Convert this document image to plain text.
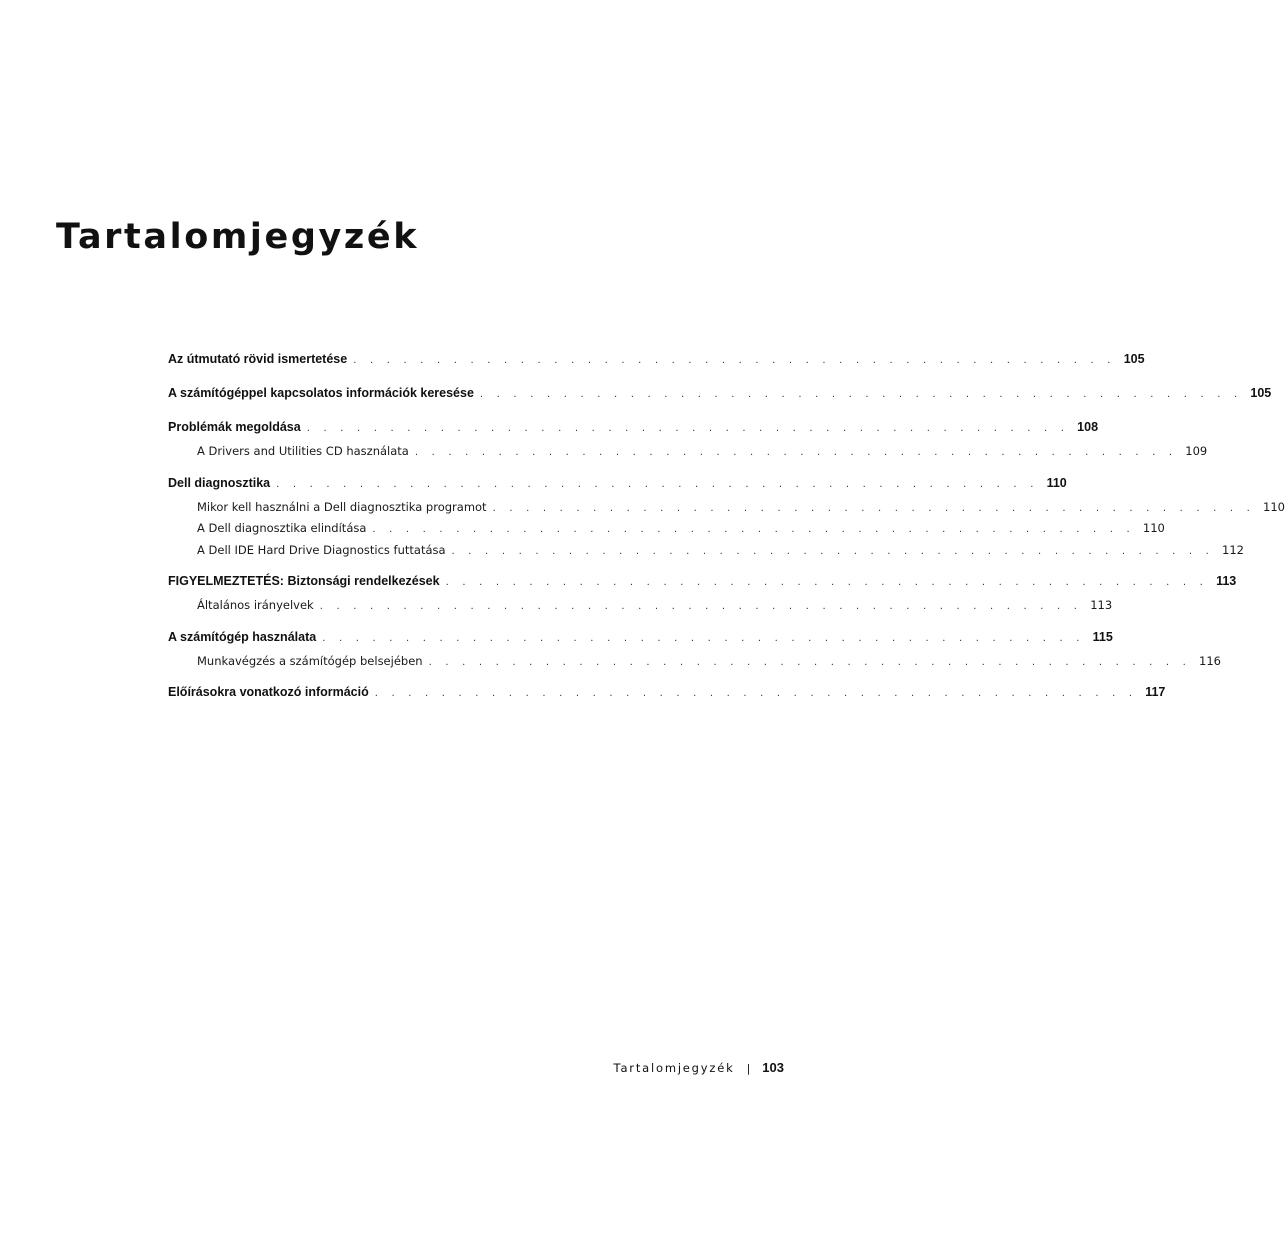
Tartalomjegyzék
Az útmutató rövid ismertetése . . . . . . . . . . . . . . . . . . . . . . . . . . . . . . . . . . . . . . . . . . . . . . 105
A számítógéppel kapcsolatos információk keresése . . . . . . . . . . . . . . . . . . . . . . . . . . . . . . . . . . . . . . . . . . . . . . 105
Problémák megoldása . . . . . . . . . . . . . . . . . . . . . . . . . . . . . . . . . . . . . . . . . . . . . . 108
A Drivers and Utilities CD használata . . . . . . . . . . . . . . . . . . . . . . . . . . . . . . . . . . . . . . . . . . . . . . 109
Dell diagnosztika . . . . . . . . . . . . . . . . . . . . . . . . . . . . . . . . . . . . . . . . . . . . . . 110
Mikor kell használni a Dell diagnosztika programot . . . . . . . . . . . . . . . . . . . . . . . . . . . . . . . . . . . . . . . . . . . . . . 110
A Dell diagnosztika elindítása . . . . . . . . . . . . . . . . . . . . . . . . . . . . . . . . . . . . . . . . . . . . . . 110
A Dell IDE Hard Drive Diagnostics futtatása . . . . . . . . . . . . . . . . . . . . . . . . . . . . . . . . . . . . . . . . . . . . . . 112
FIGYELMEZTETÉS: Biztonsági rendelkezések . . . . . . . . . . . . . . . . . . . . . . . . . . . . . . . . . . . . . . . . . . . . . . 113
Általános irányelvek . . . . . . . . . . . . . . . . . . . . . . . . . . . . . . . . . . . . . . . . . . . . . . 113
A számítógép használata . . . . . . . . . . . . . . . . . . . . . . . . . . . . . . . . . . . . . . . . . . . . . . 115
Munkavégzés a számítógép belsejében . . . . . . . . . . . . . . . . . . . . . . . . . . . . . . . . . . . . . . . . . . . . . . 116
Előírásokra vonatkozó információ . . . . . . . . . . . . . . . . . . . . . . . . . . . . . . . . . . . . . . . . . . . . . . 117
Tartalomjegyzék | 103
